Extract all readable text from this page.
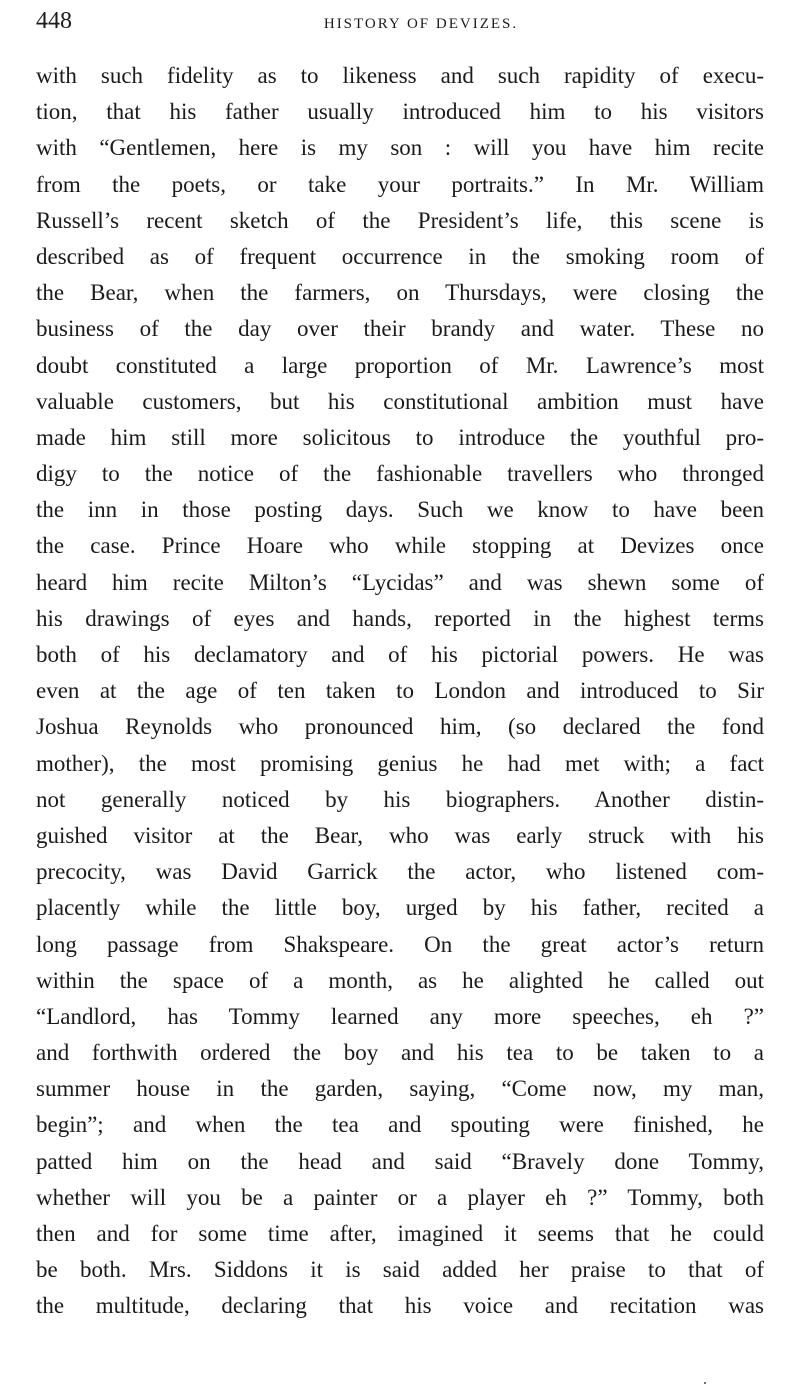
448	HISTORY OF DEVIZES.
with such fidelity as to likeness and such rapidity of execu-
tion, that his father usually introduced him to his visitors
with “Gentlemen, here is my son : will you have him recite
from the poets, or take your portraits.” In Mr. William
Russell’s recent sketch of the President’s life, this scene is
described as of frequent occurrence in the smoking room of
the Bear, when the farmers, on Thursdays, were closing the
business of the day over their brandy and water. These no
doubt constituted a large proportion of Mr. Lawrence’s most
valuable customers, but his constitutional ambition must have
made him still more solicitous to introduce the youthful pro-
digy to the notice of the fashionable travellers who thronged
the inn in those posting days. Such we know to have been
the case. Prince Hoare who while stopping at Devizes once
heard him recite Milton’s “Lycidas” and was shewn some of
his drawings of eyes and hands, reported in the highest terms
both of his declamatory and of his pictorial powers. He was
even at the age of ten taken to London and introduced to Sir
Joshua Reynolds who pronounced him, (so declared the fond
mother), the most promising genius he had met with; a fact
not generally noticed by his biographers. Another distin-
guished visitor at the Bear, who was early struck with his
precocity, was David Garrick the actor, who listened com-
placently while the little boy, urged by his father, recited a
long passage from Shakspeare. On the great actor’s return
within the space of a month, as he alighted he called out
“Landlord, has Tommy learned any more speeches, eh ?”
and forthwith ordered the boy and his tea to be taken to a
summer house in the garden, saying, “Come now, my man,
begin”; and when the tea and spouting were finished, he
patted him on the head and said “Bravely done Tommy,
whether will you be a painter or a player eh ?” Tommy, both
then and for some time after, imagined it seems that he could
be both. Mrs. Siddons it is said added her praise to that of
the multitude, declaring that his voice and recitation was
